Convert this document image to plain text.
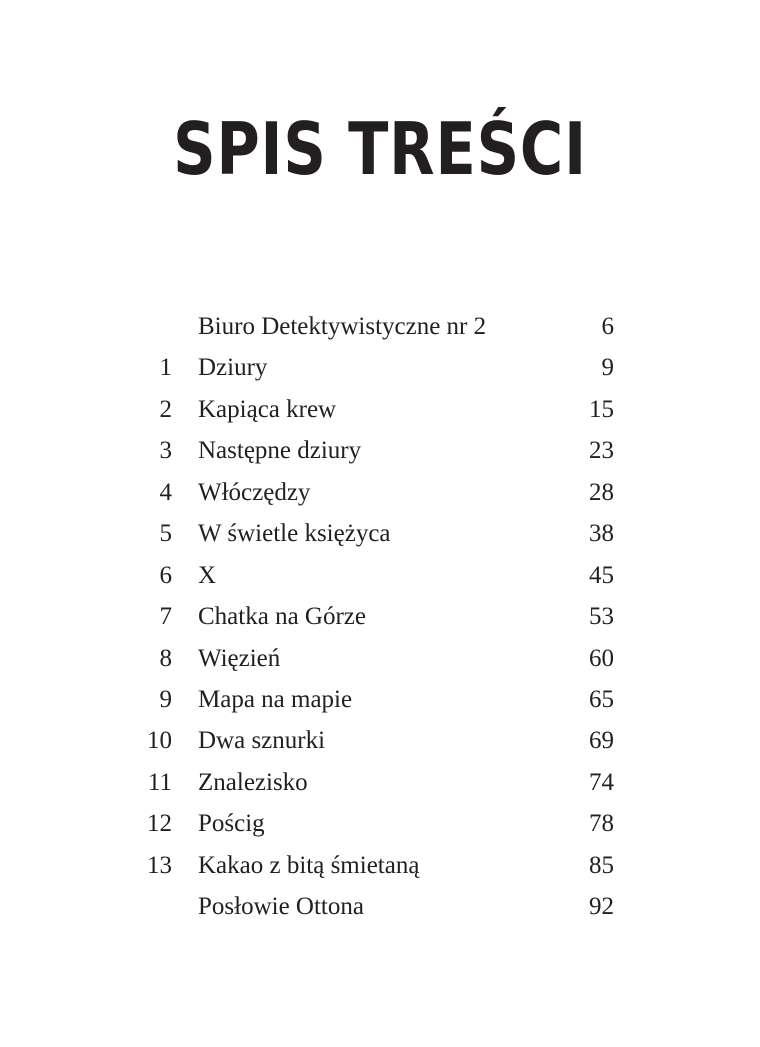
SPIS TREŚCI
Biuro Detektywistyczne nr 2	6
1 Dziury	9
2 Kapiąca krew	15
3 Następne dziury	23
4 Włóczędzy	28
5 W świetle księżyca	38
6 X	45
7 Chatka na Górze	53
8 Więzień	60
9 Mapa na mapie	65
10 Dwa sznurki	69
11 Znalezisko	74
12 Pościg	78
13 Kakao z bitą śmietaną	85
Posłowie Ottona	92
